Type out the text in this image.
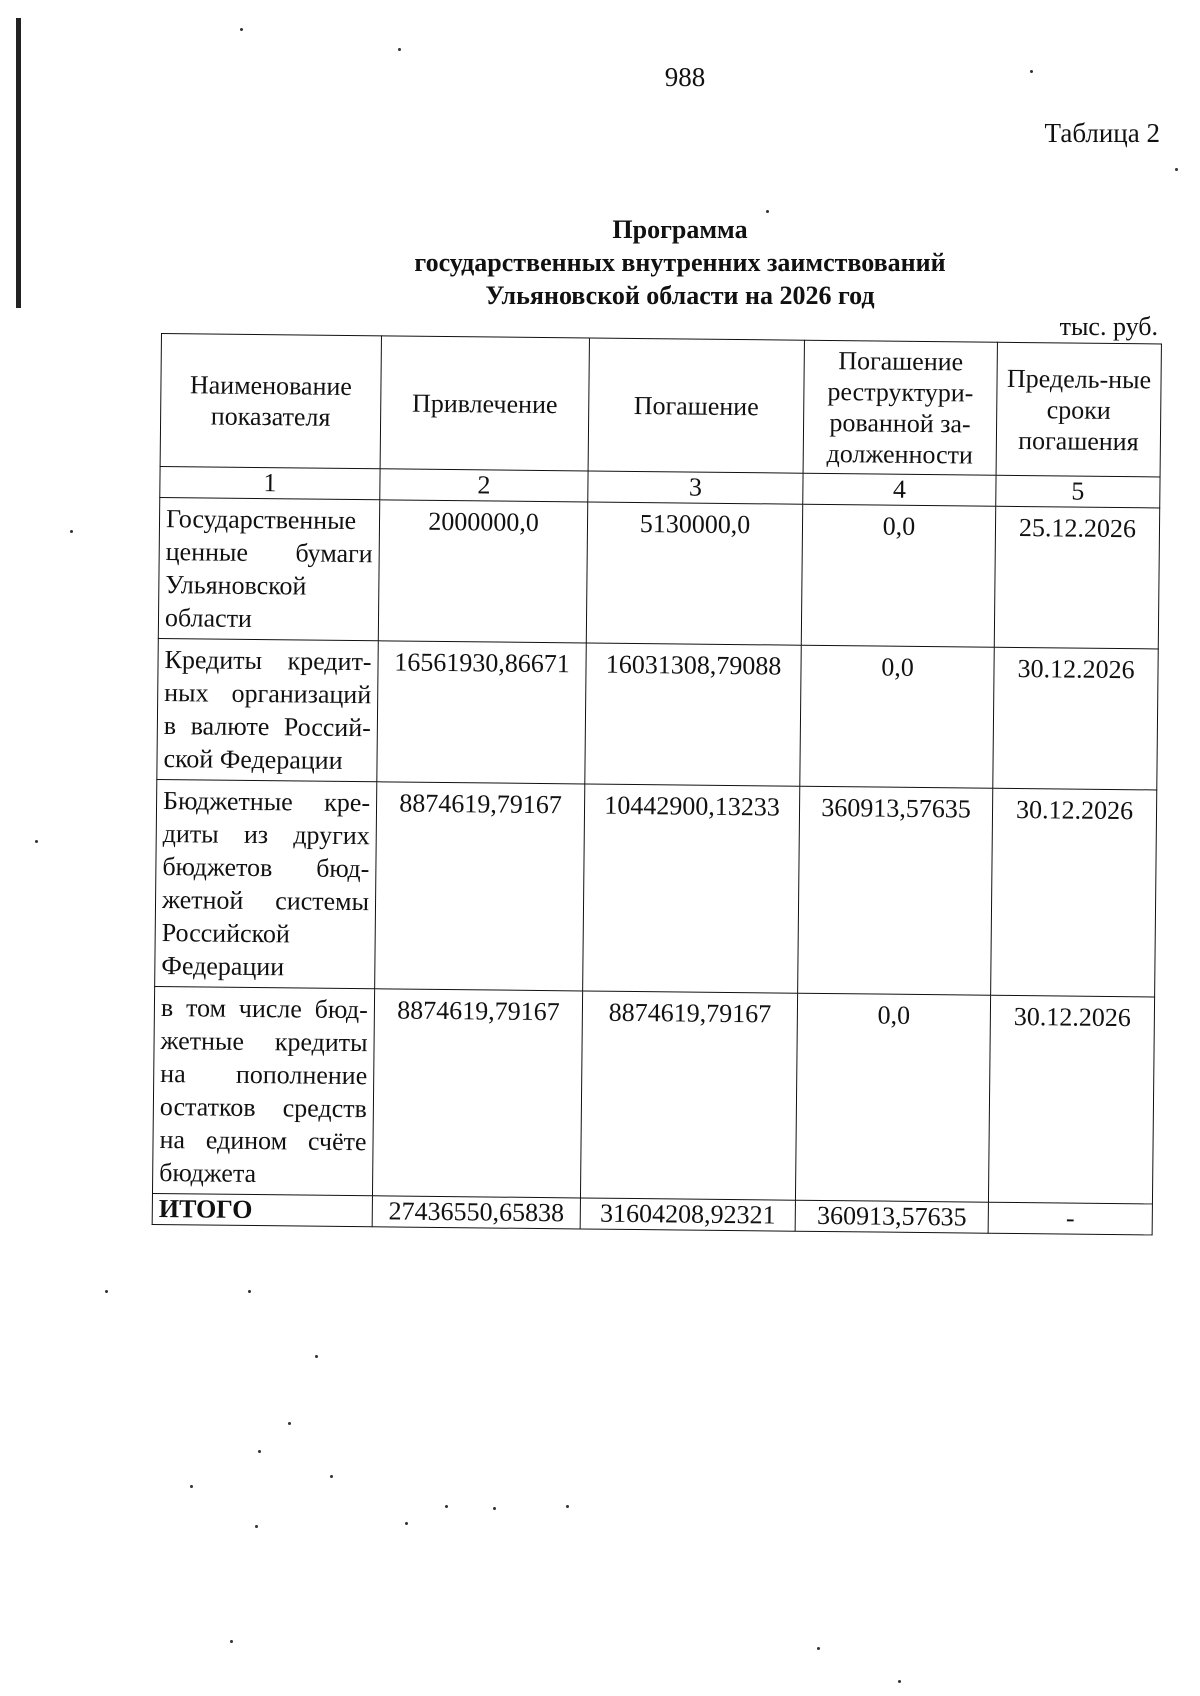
988
Таблица 2
Программа
государственных внутренних заимствований
Ульяновской области на 2026 год
тыс. руб.
Наименование показателя	Привлечение	Погашение	Погашение реструктури-рованной за-долженности	Предель-ные сроки погашения
1	2	3	4	5
Государственные ценные бумаги Ульяновской области	2000000,0	5130000,0	0,0	25.12.2026
Кредиты кредит-ных организаций в валюте Россий-ской Федерации	16561930,86671	16031308,79088	0,0	30.12.2026
Бюджетные кре-диты из других бюджетов бюд-жетной системы Российской Федерации	8874619,79167	10442900,13233	360913,57635	30.12.2026
в том числе бюд-жетные кредиты на пополнение остатков средств на едином счёте бюджета	8874619,79167	8874619,79167	0,0	30.12.2026
ИТОГО	27436550,65838	31604208,92321	360913,57635	-
